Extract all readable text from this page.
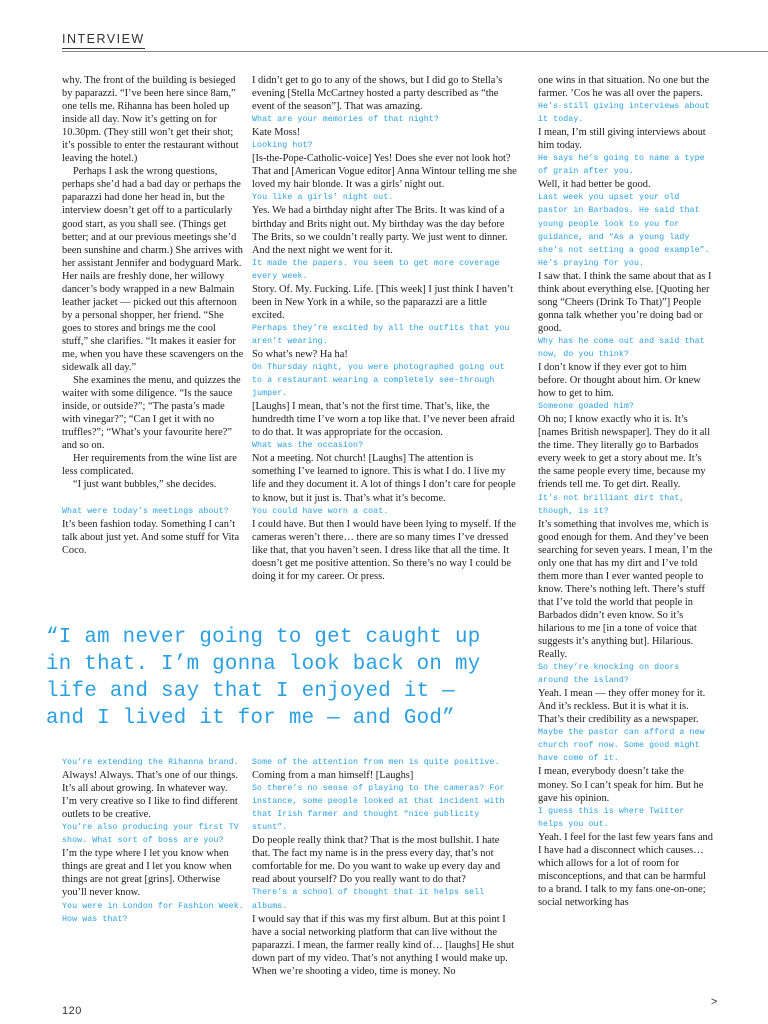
INTERVIEW

why. The front of the building is besieged by paparazzi. “I’ve been here since 8am,” one tells me. Rihanna has been holed up inside all day. Now it’s getting on for 10.30pm. (They still won’t get their shot; it’s possible to enter the restaurant without leaving the hotel.)

Perhaps I ask the wrong questions, perhaps she’d had a bad day or perhaps the paparazzi had done her head in, but the interview doesn’t get off to a particularly good start, as you shall see. (Things get better; and at our previous meetings she’d been sunshine and charm.) She arrives with her assistant Jennifer and bodyguard Mark. Her nails are freshly done, her willowy dancer’s body wrapped in a new Balmain leather jacket — picked out this afternoon by a personal shopper, her friend. “She goes to stores and brings me the cool stuff,” she clarifies. “It makes it easier for me, when you have these scavengers on the sidewalk all day.”

She examines the menu, and quizzes the waiter with some diligence. “Is the sauce inside, or outside?”; “The pasta’s made with vinegar?”; “Can I get it with no truffles?”; “What’s your favourite here?” and so on.

Her requirements from the wine list are less complicated.

“I just want bubbles,” she decides.

What were today’s meetings about?

It’s been fashion today. Something I can’t talk about just yet. And some stuff for Vita Coco.

I didn’t get to go to any of the shows, but I did go to Stella’s evening [Stella McCartney hosted a party described as “the event of the season”]. That was amazing.

What are your memories of that night?

Kate Moss!

Looking hot?

[Is-the-Pope-Catholic-voice] Yes! Does she ever not look hot? That and [American Vogue editor] Anna Wintour telling me she loved my hair blonde. It was a girls’ night out.

You like a girls’ night out.

Yes. We had a birthday night after The Brits. It was kind of a birthday and Brits night out. My birthday was the day before The Brits, so we couldn’t really party. We just went to dinner. And the next night we went for it.

It made the papers. You seem to get more coverage every week.

Story. Of. My. Fucking. Life. [This week] I just think I haven’t been in New York in a while, so the paparazzi are a little excited.

Perhaps they’re excited by all the outfits that you aren’t wearing.

So what’s new? Ha ha!

On Thursday night, you were photographed going out to a restaurant wearing a completely see-through jumper.

[Laughs] I mean, that’s not the first time. That’s, like, the hundredth time I’ve worn a top like that. I’ve never been afraid to do that. It was appropriate for the occasion.

What was the occasion?

Not a meeting. Not church! [Laughs] The attention is something I’ve learned to ignore. This is what I do. I live my life and they document it. A lot of things I don’t care for people to know, but it just is. That’s what it’s become.

You could have worn a coat.

I could have. But then I would have been lying to myself. If the cameras weren’t there… there are so many times I’ve dressed like that, that you haven’t seen. I dress like that all the time. It doesn’t get me positive attention. So there’s no way I could be doing it for my career. Or press.

one wins in that situation. No one but the farmer. ’Cos he was all over the papers.

He’s still giving interviews about it today.

I mean, I’m still giving interviews about him today.

He says he’s going to name a type of grain after you.

Well, it had better be good.

Last week you upset your old pastor in Barbados. He said that young people look to you for guidance, and “As a young lady she’s not setting a good example”. He’s praying for you.

I saw that. I think the same about that as I think about everything else. [Quoting her song “Cheers (Drink To That)”] People gonna talk whether you’re doing bad or good.

Why has he come out and said that now, do you think?

I don’t know if they ever got to him before. Or thought about him. Or knew how to get to him.

Someone goaded him?

Oh no; I know exactly who it is. It’s [names British newspaper]. They do it all the time. They literally go to Barbados every week to get a story about me. It’s the same people every time, because my friends tell me. To get dirt. Really.

It’s not brilliant dirt that, though, is it?

It’s something that involves me, which is good enough for them. And they’ve been searching for seven years. I mean, I’m the only one that has my dirt and I’ve told them more than I ever wanted people to know. There’s nothing left. There’s stuff that I’ve told the world that people in Barbados didn’t even know. So it’s hilarious to me [in a tone of voice that suggests it’s anything but]. Hilarious. Really.

So they’re knocking on doors around the island?

Yeah. I mean — they offer money for it. And it’s reckless. But it is what it is. That’s their credibility as a newspaper.

Maybe the pastor can afford a new church roof now. Some good might have come of it.

I mean, everybody doesn’t take the money. So I can’t speak for him. But he gave his opinion.

I guess this is where Twitter helps you out.

Yeah. I feel for the last few years fans and I have had a disconnect which causes… which allows for a lot of room for misconceptions, and that can be harmful to a brand. I talk to my fans one-on-one; social networking has

“I am never going to get caught up
in that. I’m gonna look back on my
life and say that I enjoyed it —
and I lived it for me — and God”

You’re extending the Rihanna brand.

Always! Always. That’s one of our things. It’s all about growing. In whatever way. I’m very creative so I like to find different outlets to be creative.

You’re also producing your first TV show. What sort of boss are you?

I’m the type where I let you know when things are great and I let you know when things are not great [grins]. Otherwise you’ll never know.

You were in London for Fashion Week. How was that?

Some of the attention from men is quite positive.

Coming from a man himself! [Laughs]

So there’s no sense of playing to the cameras? For instance, some people looked at that incident with that Irish farmer and thought “nice publicity stunt”.

Do people really think that? That is the most bullshit. I hate that. The fact my name is in the press every day, that’s not comfortable for me. Do you want to wake up every day and read about yourself? Do you really want to do that?

There’s a school of thought that it helps sell albums.

I would say that if this was my first album. But at this point I have a social networking platform that can live without the paparazzi. I mean, the farmer really kind of… [laughs] He shut down part of my video. That’s not anything I would make up. When we’re shooting a video, time is money. No

120
>
